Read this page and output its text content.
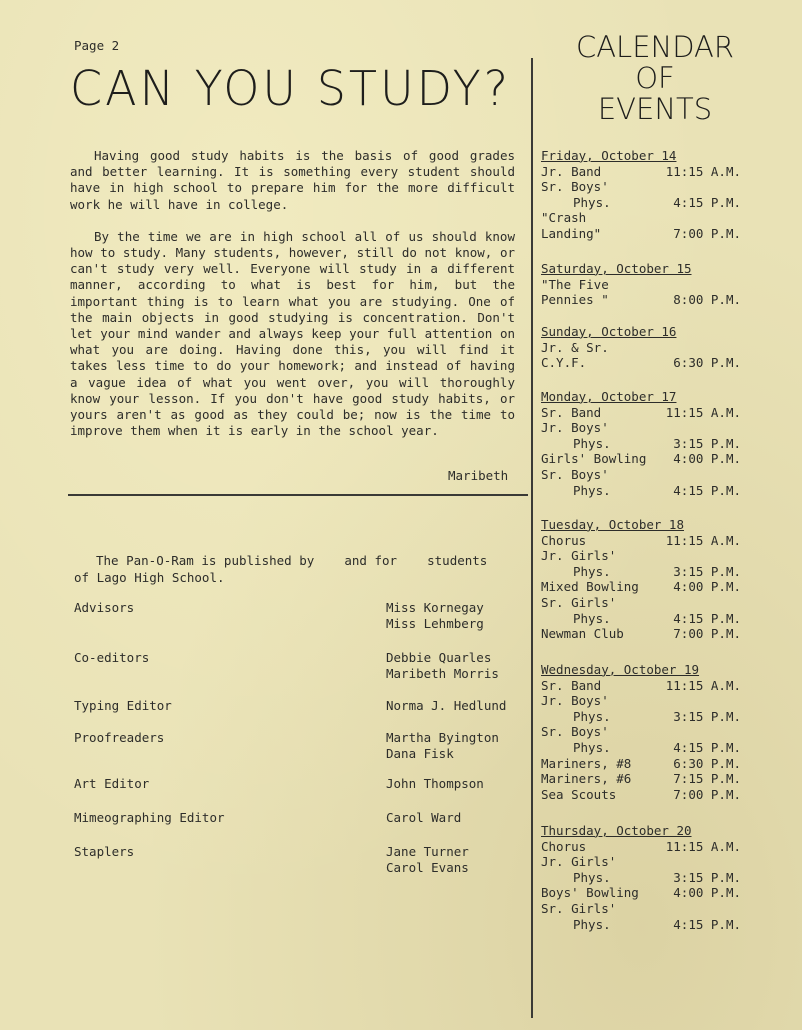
Page 2
CAN YOU STUDY?

Having good study habits is the basis of good grades and better learning. It is something every student should have in high school to prepare him for the more difficult work he will have in college.

By the time we are in high school all of us should know how to study. Many students, however, still do not know, or can't study very well. Everyone will study in a different manner, according to what is best for him, but the important thing is to learn what you are studying. One of the main objects in good studying is concentration. Don't let your mind wander and always keep your full attention on what you are doing. Having done this, you will find it takes less time to do your homework; and instead of having a vague idea of what you went over, you will thoroughly know your lesson. If you don't have good study habits, or yours aren't as good as they could be; now is the time to improve them when it is early in the school year.

Maribeth
The Pan-O-Ram is published by    and for    students
of Lago High School.
Advisors	Miss Kornegay
Miss Lehmberg
Co-editors	Debbie Quarles
Maribeth Morris
Typing Editor	Norma J. Hedlund
Proofreaders	Martha Byington
Dana Fisk
Art Editor	John Thompson
Mimeographing Editor	Carol Ward
Staplers	Jane Turner
Carol Evans
CALENDAR
OF
EVENTS
Friday, October 14
Jr. Band	11:15 A.M.
Sr. Boys'
Phys.	4:15 P.M.
"Crash
Landing"	7:00 P.M.
Saturday, October 15
"The Five
Pennies "	8:00 P.M.
Sunday, October 16
Jr. & Sr.
C.Y.F.	6:30 P.M.
Monday, October 17
Sr. Band	11:15 A.M.
Jr. Boys'
Phys.	3:15 P.M.
Girls' Bowling	4:00 P.M.
Sr. Boys'
Phys.	4:15 P.M.
Tuesday, October 18
Chorus	11:15 A.M.
Jr. Girls'
Phys.	3:15 P.M.
Mixed Bowling	4:00 P.M.
Sr. Girls'
Phys.	4:15 P.M.
Newman Club	7:00 P.M.
Wednesday, October 19
Sr. Band	11:15 A.M.
Jr. Boys'
Phys.	3:15 P.M.
Sr. Boys'
Phys.	4:15 P.M.
Mariners, #8	6:30 P.M.
Mariners, #6	7:15 P.M.
Sea Scouts	7:00 P.M.
Thursday, October 20
Chorus	11:15 A.M.
Jr. Girls'
Phys.	3:15 P.M.
Boys' Bowling	4:00 P.M.
Sr. Girls'
Phys.	4:15 P.M.
